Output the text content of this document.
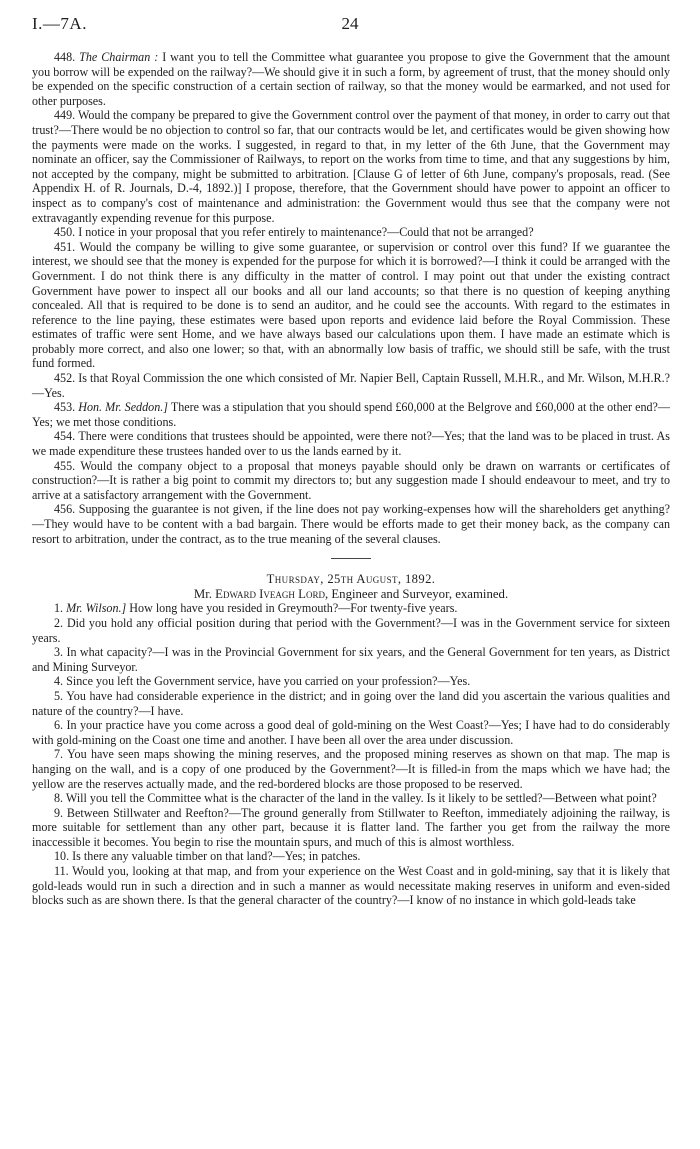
I.—7A.	24

448. The Chairman : I want you to tell the Committee what guarantee you propose to give the Government that the amount you borrow will be expended on the railway?—We should give it in such a form, by agreement of trust, that the money should only be expended on the specific construction of a certain section of railway, so that the money would be earmarked, and not used for other purposes.

449. Would the company be prepared to give the Government control over the payment of that money, in order to carry out that trust?—There would be no objection to control so far, that our contracts would be let, and certificates would be given showing how the payments were made on the works. I suggested, in regard to that, in my letter of the 6th June, that the Government may nominate an officer, say the Commissioner of Railways, to report on the works from time to time, and that any suggestions by him, not accepted by the company, might be submitted to arbitration. [Clause G of letter of 6th June, company's proposals, read. (See Appendix H. of R. Journals, D.-4, 1892.)] I propose, therefore, that the Government should have power to appoint an officer to inspect as to company's cost of maintenance and administration: the Government would thus see that the company were not extravagantly expending revenue for this purpose.

450. I notice in your proposal that you refer entirely to maintenance?—Could that not be arranged?

451. Would the company be willing to give some guarantee, or supervision or control over this fund? If we guarantee the interest, we should see that the money is expended for the purpose for which it is borrowed?—I think it could be arranged with the Government. I do not think there is any difficulty in the matter of control. I may point out that under the existing contract Government have power to inspect all our books and all our land accounts; so that there is no question of keeping anything concealed. All that is required to be done is to send an auditor, and he could see the accounts. With regard to the estimates in reference to the line paying, these estimates were based upon reports and evidence laid before the Royal Commission. These estimates of traffic were sent Home, and we have always based our calculations upon them. I have made an estimate which is probably more correct, and also one lower; so that, with an abnormally low basis of traffic, we should still be safe, with the trust fund formed.

452. Is that Royal Commission the one which consisted of Mr. Napier Bell, Captain Russell, M.H.R., and Mr. Wilson, M.H.R.?—Yes.

453. Hon. Mr. Seddon.] There was a stipulation that you should spend £60,000 at the Belgrove and £60,000 at the other end?—Yes; we met those conditions.

454. There were conditions that trustees should be appointed, were there not?—Yes; that the land was to be placed in trust. As we made expenditure these trustees handed over to us the lands earned by it.

455. Would the company object to a proposal that moneys payable should only be drawn on warrants or certificates of construction?—It is rather a big point to commit my directors to; but any suggestion made I should endeavour to meet, and try to arrive at a satisfactory arrangement with the Government.

456. Supposing the guarantee is not given, if the line does not pay working-expenses how will the shareholders get anything?—They would have to be content with a bad bargain. There would be efforts made to get their money back, as the company can resort to arbitration, under the contract, as to the true meaning of the several clauses.

Thursday, 25th August, 1892.

Mr. Edward Iveagh Lord, Engineer and Surveyor, examined.

1. Mr. Wilson.] How long have you resided in Greymouth?—For twenty-five years.

2. Did you hold any official position during that period with the Government?—I was in the Government service for sixteen years.

3. In what capacity?—I was in the Provincial Government for six years, and the General Government for ten years, as District and Mining Surveyor.

4. Since you left the Government service, have you carried on your profession?—Yes.

5. You have had considerable experience in the district; and in going over the land did you ascertain the various qualities and nature of the country?—I have.

6. In your practice have you come across a good deal of gold-mining on the West Coast?—Yes; I have had to do considerably with gold-mining on the Coast one time and another. I have been all over the area under discussion.

7. You have seen maps showing the mining reserves, and the proposed mining reserves as shown on that map. The map is hanging on the wall, and is a copy of one produced by the Government?—It is filled-in from the maps which we have had; the yellow are the reserves actually made, and the red-bordered blocks are those proposed to be reserved.

8. Will you tell the Committee what is the character of the land in the valley. Is it likely to be settled?—Between what point?

9. Between Stillwater and Reefton?—The ground generally from Stillwater to Reefton, immediately adjoining the railway, is more suitable for settlement than any other part, because it is flatter land. The farther you get from the railway the more inaccessible it becomes. You begin to rise the mountain spurs, and much of this is almost worthless.

10. Is there any valuable timber on that land?—Yes; in patches.

11. Would you, looking at that map, and from your experience on the West Coast and in gold-mining, say that it is likely that gold-leads would run in such a direction and in such a manner as would necessitate making reserves in uniform and even-sided blocks such as are shown there. Is that the general character of the country?—I know of no instance in which gold-leads take
